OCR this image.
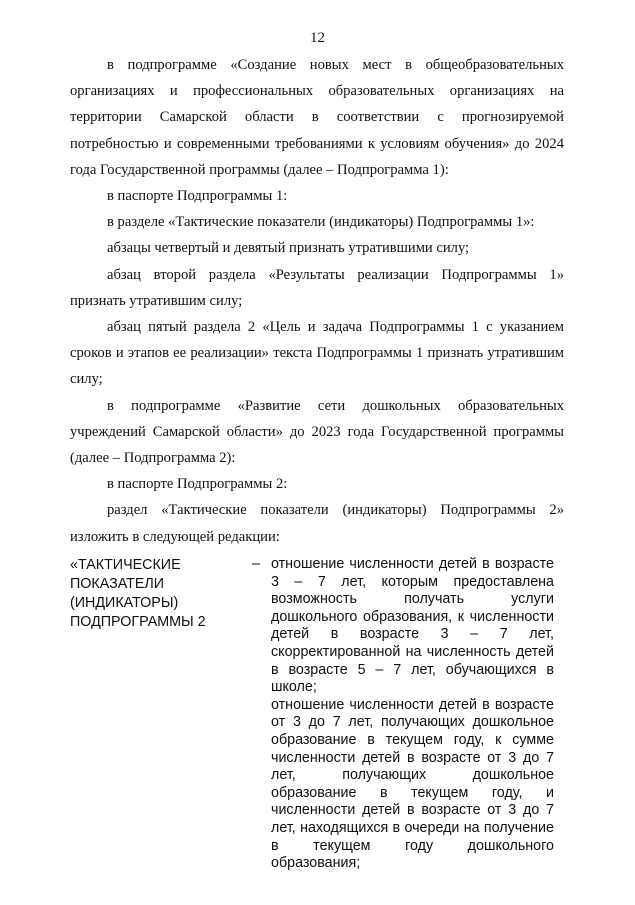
12

в подпрограмме «Создание новых мест в общеобразовательных организациях и профессиональных образовательных организациях на территории Самарской области в соответствии с прогнозируемой потребностью и современными требованиями к условиям обучения» до 2024 года Государственной программы (далее – Подпрограмма 1):

в паспорте Подпрограммы 1:

в разделе «Тактические показатели (индикаторы) Подпрограммы 1»:

абзацы четвертый и девятый признать утратившими силу;

абзац второй раздела «Результаты реализации Подпрограммы 1» признать утратившим силу;

абзац пятый раздела 2 «Цель и задача Подпрограммы 1 с указанием сроков и этапов ее реализации» текста Подпрограммы 1 признать утратившим силу;

в подпрограмме «Развитие сети дошкольных образовательных учреждений Самарской области» до 2023 года Государственной программы (далее – Подпрограмма 2):

в паспорте Подпрограммы 2:

раздел «Тактические показатели (индикаторы) Подпрограммы 2» изложить в следующей редакции:

«ТАКТИЧЕСКИЕ ПОКАЗАТЕЛИ (ИНДИКАТОРЫ) ПОДПРОГРАММЫ 2
– отношение численности детей в возрасте 3 – 7 лет, которым предоставлена возможность получать услуги дошкольного образования, к численности детей в возрасте 3 – 7 лет, скорректированной на численность детей в возрасте 5 – 7 лет, обучающихся в школе;

отношение численности детей в возрасте от 3 до 7 лет, получающих дошкольное образование в текущем году, к сумме численности детей в возрасте от 3 до 7 лет, получающих дошкольное образование в текущем году, и численности детей в возрасте от 3 до 7 лет, находящихся в очереди на получение в текущем году дошкольного образования;
